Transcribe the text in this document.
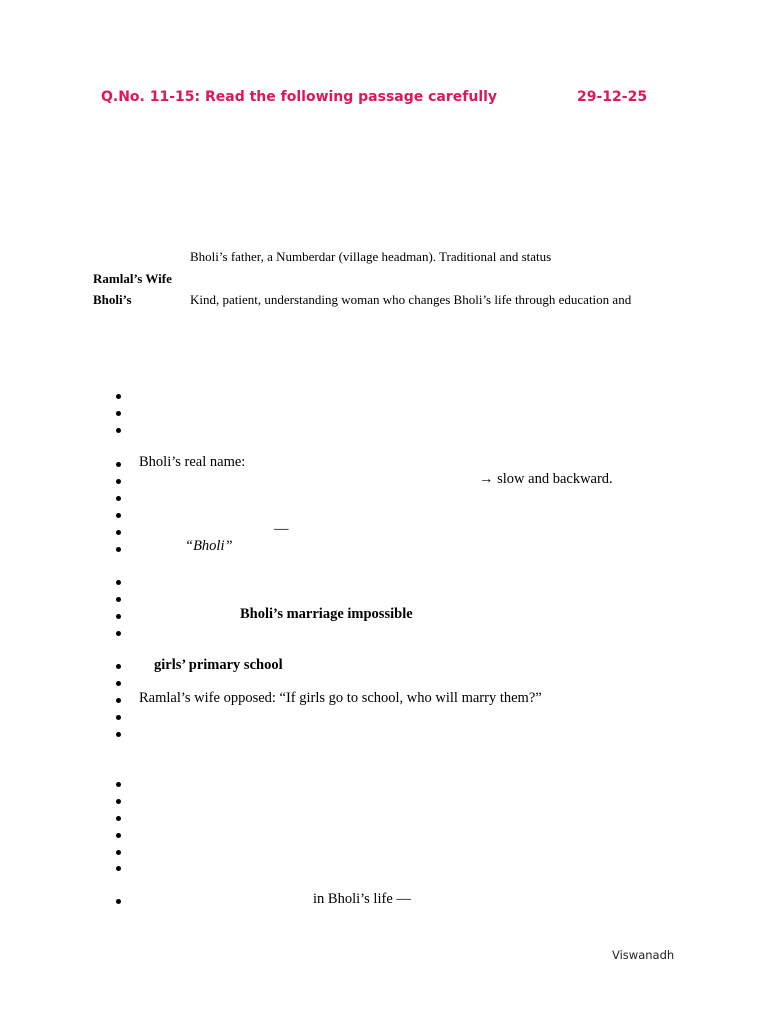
Q.No. 11-15: Read the following passage carefully	29-12-25
Bholi’s father, a Numberdar (village headman). Traditional and status
Ramlal’s Wife
Bholi’s	Kind, patient, understanding woman who changes Bholi’s life through education and
Bholi’s real name:
→ slow and backward.
—
“Bholi”
Bholi’s marriage impossible
girls’ primary school
Ramlal’s wife opposed: “If girls go to school, who will marry them?”
in Bholi’s life —
Viswanadh
